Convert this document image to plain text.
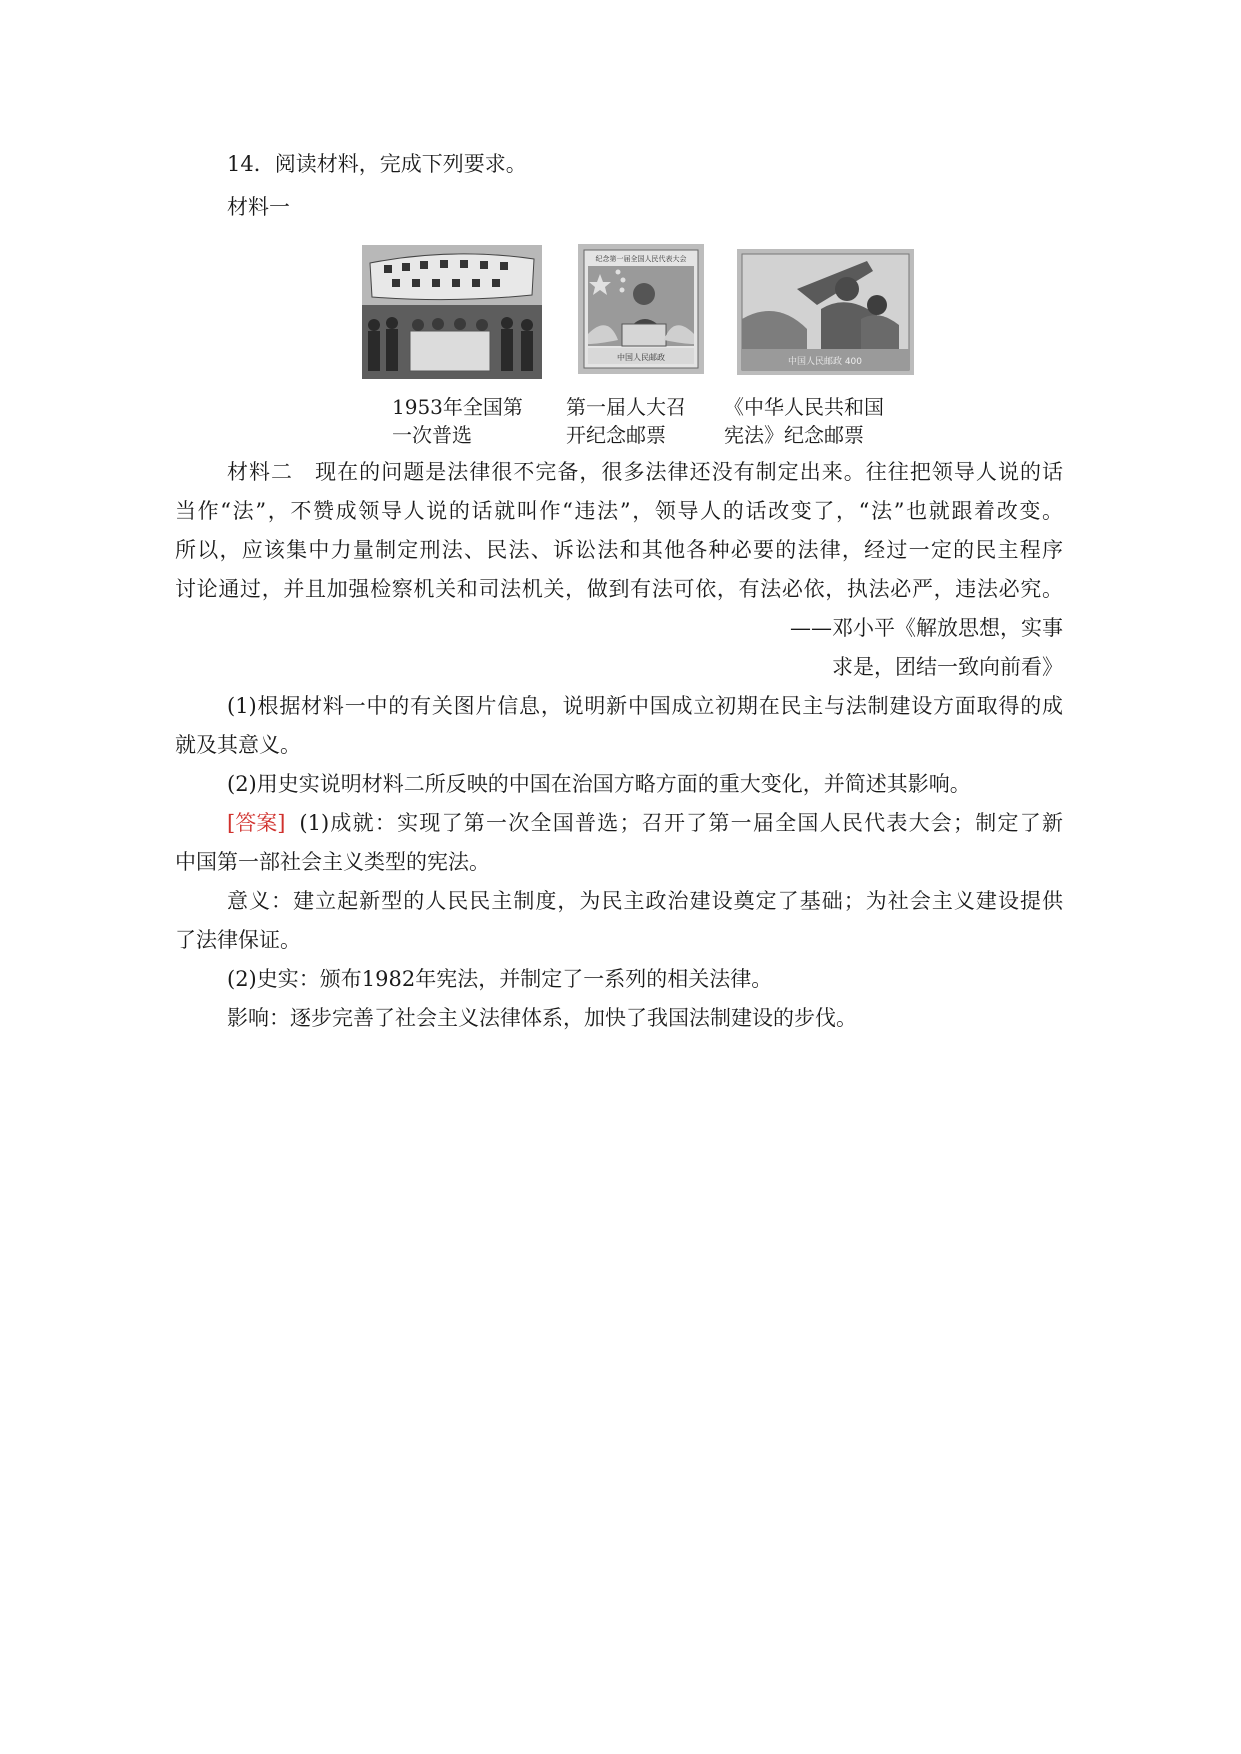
14．阅读材料，完成下列要求。
材料一
纪念第一届全国人民代表大会
中国人民邮政	中国人民邮政 400
1953年全国第
一次普选
第一届人大召
开纪念邮票
《中华人民共和国
宪法》纪念邮票
材料二　现在的问题是法律很不完备，很多法律还没有制定出来。往往把领导人说的话
当作“法”，不赞成领导人说的话就叫作“违法”，领导人的话改变了，“法”也就跟着改变。
所以，应该集中力量制定刑法、民法、诉讼法和其他各种必要的法律，经过一定的民主程序
讨论通过，并且加强检察机关和司法机关，做到有法可依，有法必依，执法必严，违法必究。
——邓小平《解放思想，实事
求是，团结一致向前看》
(1)根据材料一中的有关图片信息，说明新中国成立初期在民主与法制建设方面取得的成
就及其意义。
(2)用史实说明材料二所反映的中国在治国方略方面的重大变化，并简述其影响。
[答案] (1)成就：实现了第一次全国普选；召开了第一届全国人民代表大会；制定了新
中国第一部社会主义类型的宪法。
意义：建立起新型的人民民主制度，为民主政治建设奠定了基础；为社会主义建设提供
了法律保证。
(2)史实：颁布1982年宪法，并制定了一系列的相关法律。
影响：逐步完善了社会主义法律体系，加快了我国法制建设的步伐。
